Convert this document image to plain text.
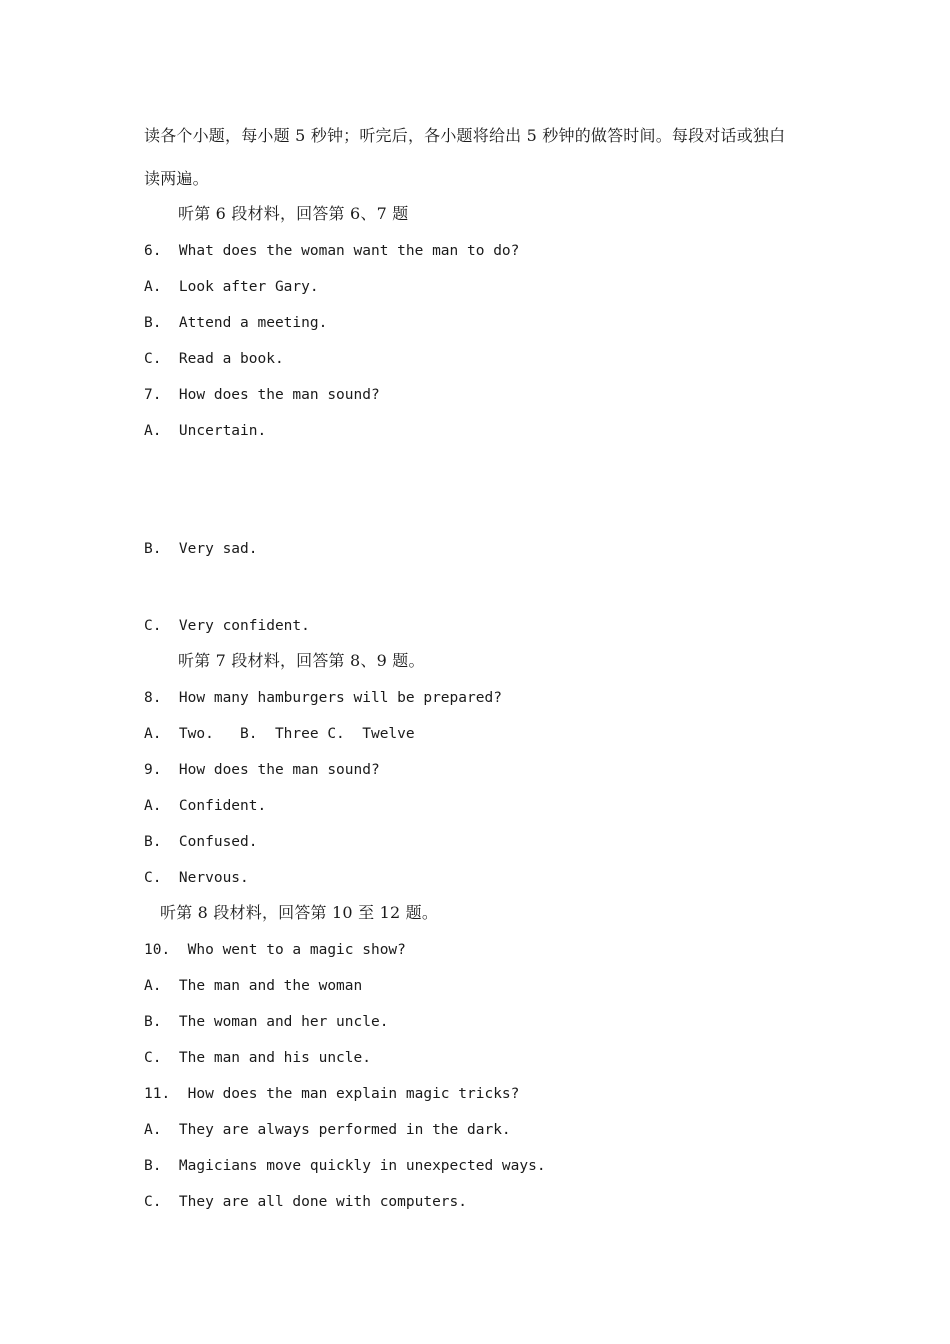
读各个小题，每小题 5 秒钟；听完后，各小题将给出 5 秒钟的做答时间。每段对话或独白
读两遍。
听第 6 段材料，回答第 6、7 题
6.  What does the woman want the man to do?
A.  Look after Gary.
B.  Attend a meeting.
C.  Read a book.
7.  How does the man sound?
A.  Uncertain.
B.  Very sad.
C.  Very confident.
听第 7 段材料，回答第 8、9 题。
8.  How many hamburgers will be prepared?
A.  Two.   B.  Three C.  Twelve
9.  How does the man sound?
A.  Confident.
B.  Confused.
C.  Nervous.
听第 8 段材料，回答第 10 至 12 题。
10.  Who went to a magic show?
A.  The man and the woman
B.  The woman and her uncle.
C.  The man and his uncle.
11.  How does the man explain magic tricks?
A.  They are always performed in the dark.
B.  Magicians move quickly in unexpected ways.
C.  They are all done with computers.
